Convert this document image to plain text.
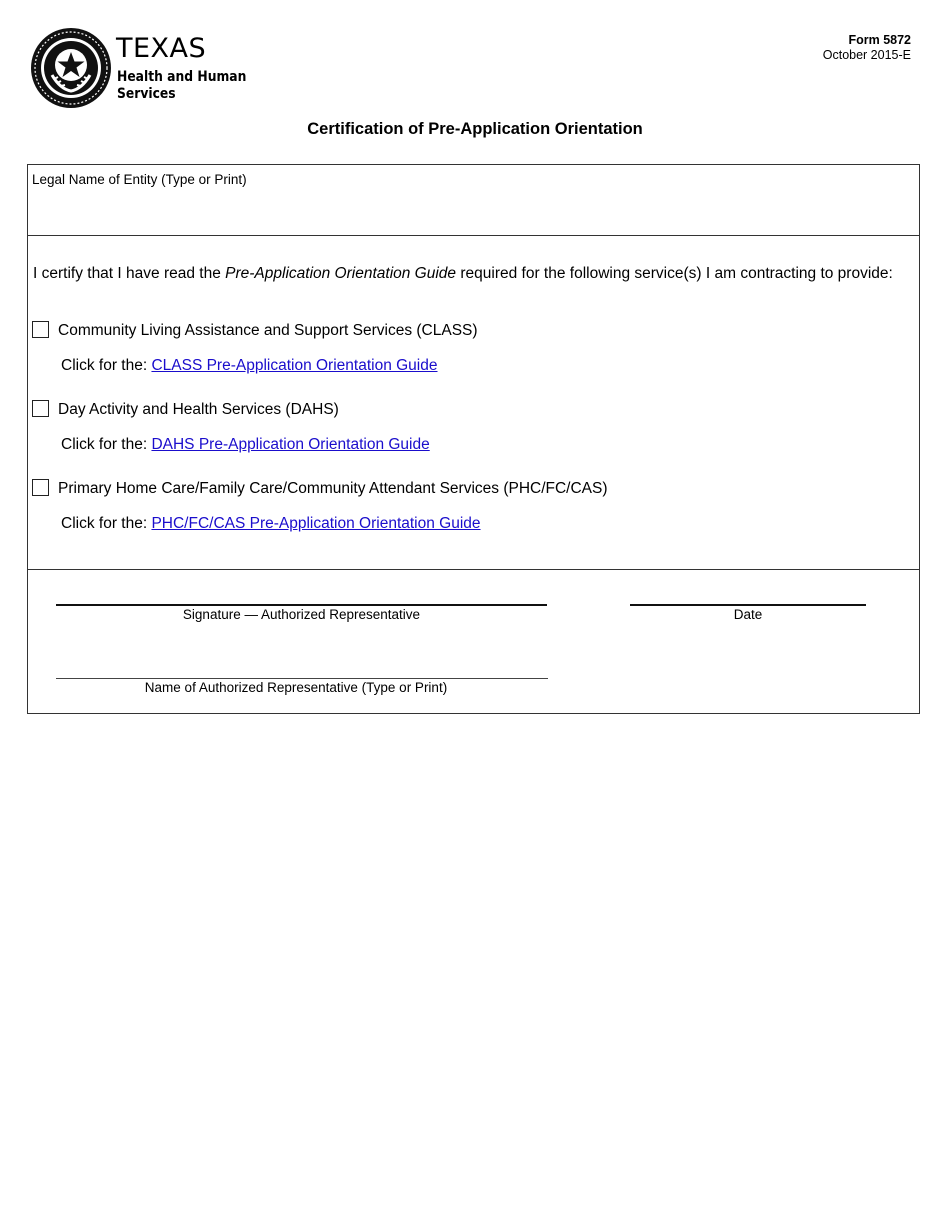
TEXAS
Health and Human
Services
Form 5872
October 2015-E
Certification of Pre-Application Orientation
Legal Name of Entity (Type or Print)
I certify that I have read the Pre-Application Orientation Guide required for the following service(s) I am contracting to provide:
Community Living Assistance and Support Services (CLASS)
Click for the: CLASS Pre-Application Orientation Guide
Day Activity and Health Services (DAHS)
Click for the: DAHS Pre-Application Orientation Guide
Primary Home Care/Family Care/Community Attendant Services (PHC/FC/CAS)
Click for the: PHC/FC/CAS Pre-Application Orientation Guide
Signature — Authorized Representative	Date
Name of Authorized Representative (Type or Print)
